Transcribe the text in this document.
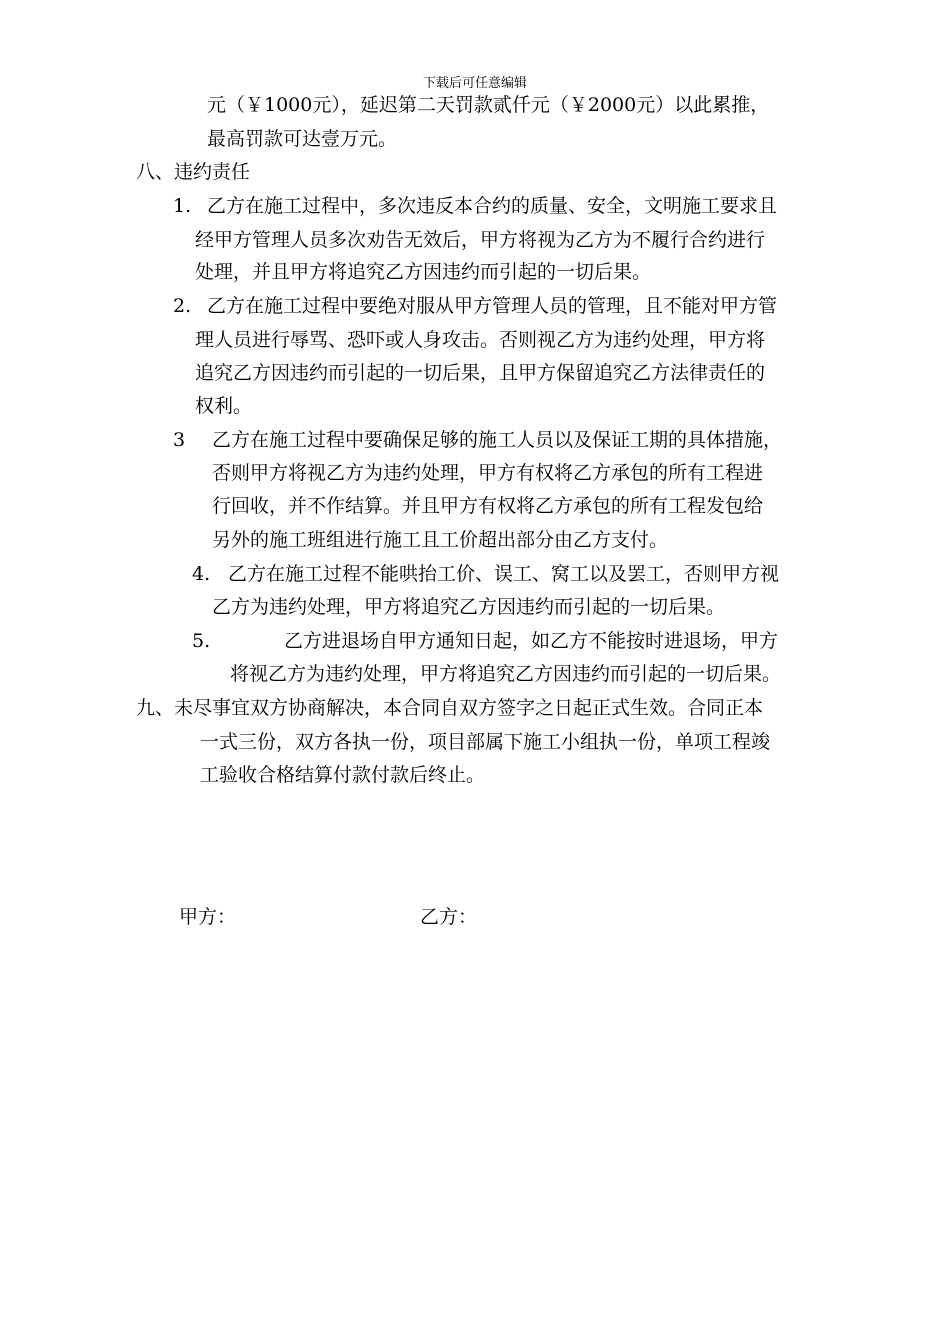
下载后可任意编辑
元（￥1000元），延迟第二天罚款贰仟元（￥2000元）以此累推，
最高罚款可达壹万元。
八、违约责任
1. 乙方在施工过程中，多次违反本合约的质量、安全，文明施工要求且
经甲方管理人员多次劝告无效后，甲方将视为乙方为不履行合约进行
处理，并且甲方将追究乙方因违约而引起的一切后果。
2. 乙方在施工过程中要绝对服从甲方管理人员的管理，且不能对甲方管
理人员进行辱骂、恐吓或人身攻击。否则视乙方为违约处理，甲方将
追究乙方因违约而引起的一切后果，且甲方保留追究乙方法律责任的
权利。
3 乙方在施工过程中要确保足够的施工人员以及保证工期的具体措施，
否则甲方将视乙方为违约处理，甲方有权将乙方承包的所有工程进
行回收，并不作结算。并且甲方有权将乙方承包的所有工程发包给
另外的施工班组进行施工且工价超出部分由乙方支付。
4. 乙方在施工过程不能哄抬工价、误工、窝工以及罢工，否则甲方视
乙方为违约处理，甲方将追究乙方因违约而引起的一切后果。
5.	乙方进退场自甲方通知日起，如乙方不能按时进退场，甲方
将视乙方为违约处理，甲方将追究乙方因违约而引起的一切后果。
九、未尽事宜双方协商解决，本合同自双方签字之日起正式生效。合同正本
一式三份，双方各执一份，项目部属下施工小组执一份，单项工程竣
工验收合格结算付款付款后终止。
甲方：	乙方：
